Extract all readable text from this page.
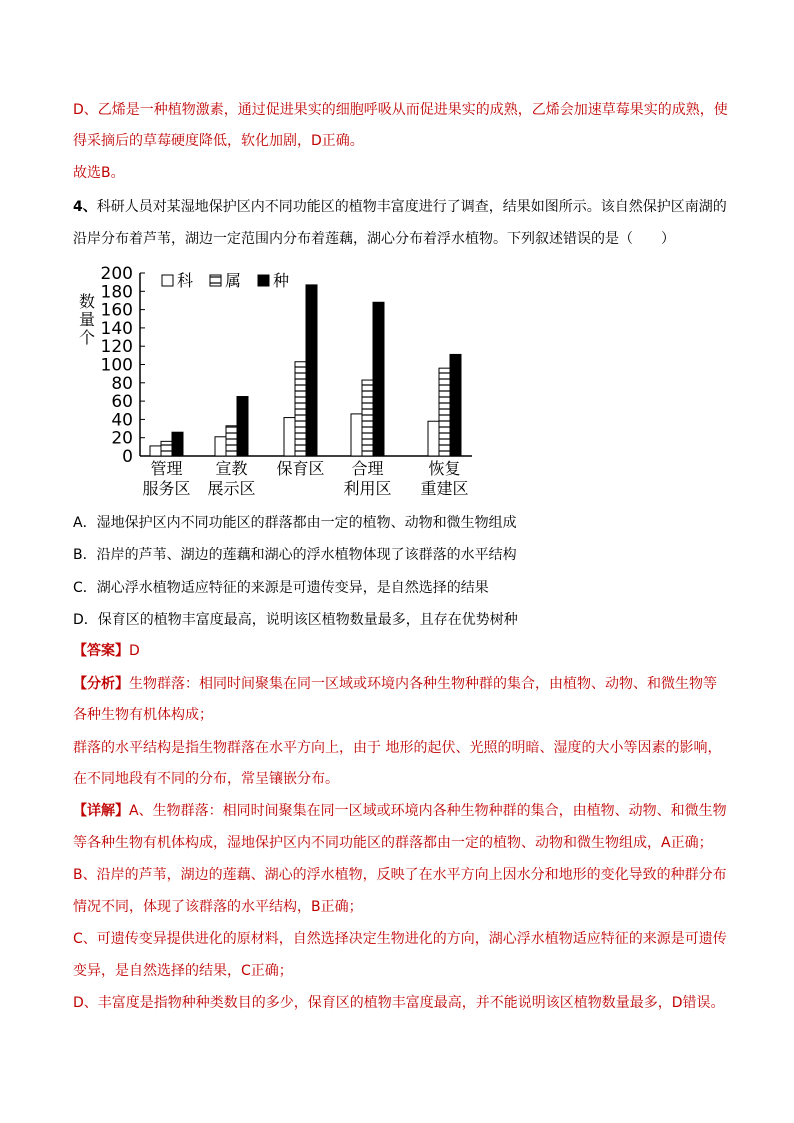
D、乙烯是一种植物激素，通过促进果实的细胞呼吸从而促进果实的成熟，乙烯会加速草莓果实的成熟，使
得采摘后的草莓硬度降低，软化加剧，D正确。
故选B。
4、科研人员对某湿地保护区内不同功能区的植物丰富度进行了调查，结果如图所示。该自然保护区南湖的
沿岸分布着芦苇，湖边一定范围内分布着莲藕，湖心分布着浮水植物。下列叙述错误的是（　　）
0
20
40
60
80
100
120
140
160
180
200
数
量
个
管理
服务区
宣教
展示区
保育区 合理
利用区
恢复
重建区
科 属 种
A．湿地保护区内不同功能区的群落都由一定的植物、动物和微生物组成
B．沿岸的芦苇、湖边的莲藕和湖心的浮水植物体现了该群落的水平结构
C．湖心浮水植物适应特征的来源是可遗传变异，是自然选择的结果
D．保育区的植物丰富度最高，说明该区植物数量最多，且存在优势树种
【答案】D
【分析】生物群落：相同时间聚集在同一区域或环境内各种生物种群的集合，由植物、动物、和微生物等
各种生物有机体构成；
群落的水平结构是指生物群落在水平方向上，由于 地形的起伏、光照的明暗、湿度的大小等因素的影响，
在不同地段有不同的分布，常呈镶嵌分布。
【详解】A、生物群落：相同时间聚集在同一区域或环境内各种生物种群的集合，由植物、动物、和微生物
等各种生物有机体构成，湿地保护区内不同功能区的群落都由一定的植物、动物和微生物组成，A正确；
B、沿岸的芦苇，湖边的莲藕、湖心的浮水植物，反映了在水平方向上因水分和地形的变化导致的种群分布
情况不同，体现了该群落的水平结构，B正确；
C、可遗传变异提供进化的原材料，自然选择决定生物进化的方向，湖心浮水植物适应特征的来源是可遗传
变异，是自然选择的结果，C正确；
D、丰富度是指物种种类数目的多少，保育区的植物丰富度最高，并不能说明该区植物数量最多，D错误。
